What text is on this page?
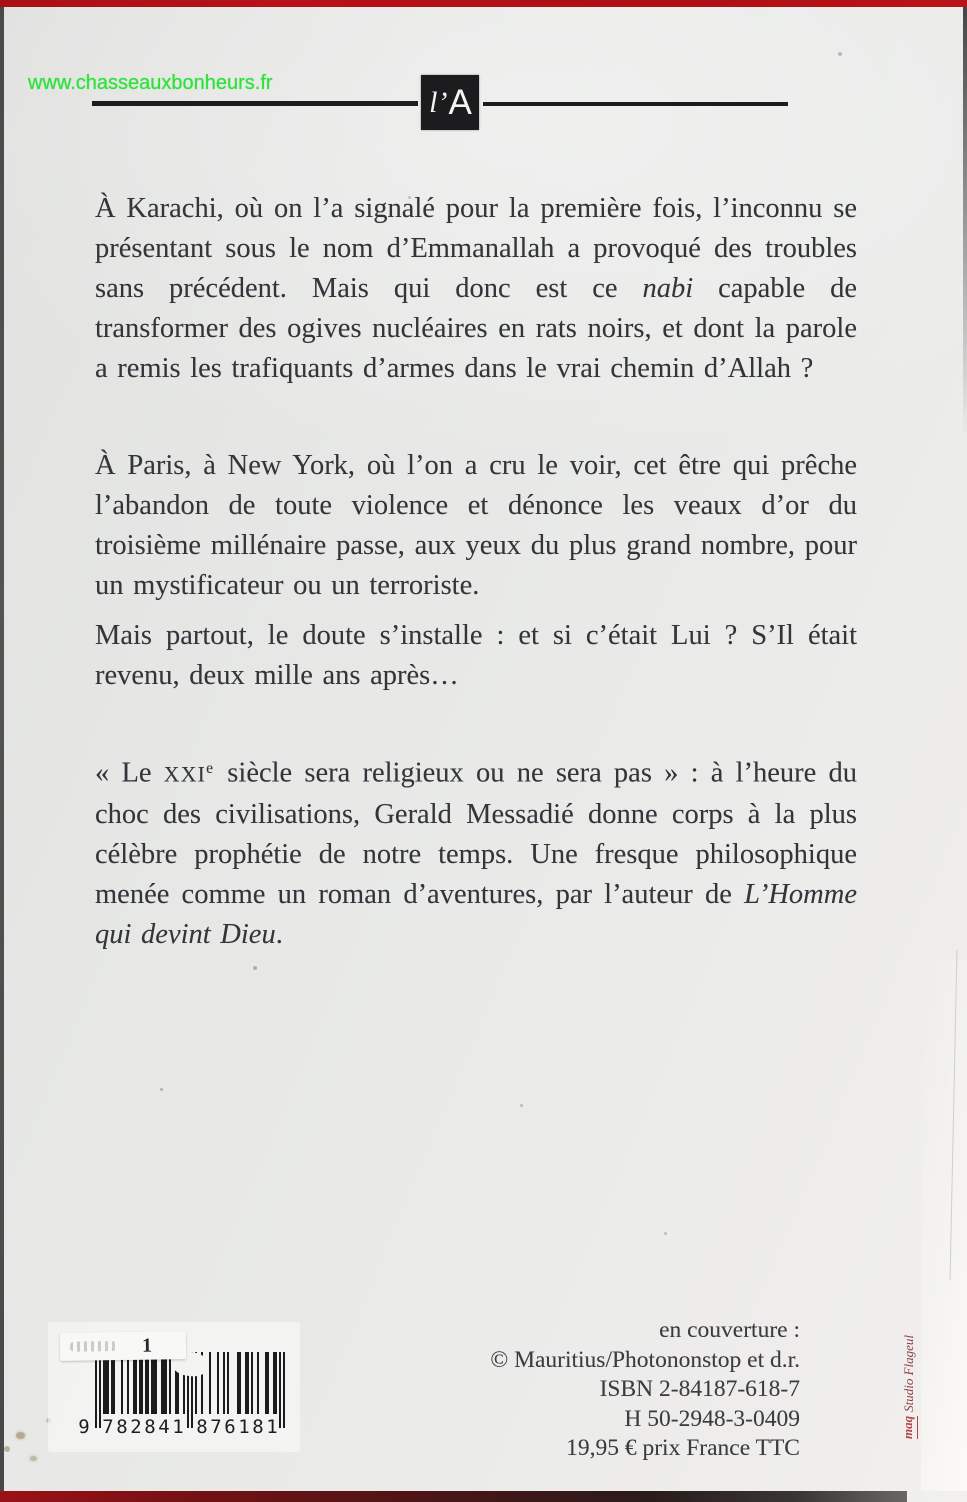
www.chasseauxbonheurs.fr
l’ A

À Karachi, où on l’a signalé pour la première fois, l’inconnu se présentant sous le nom d’Emmanallah a provoqué des troubles sans précédent. Mais qui donc est ce nabi capable de transformer des ogives nucléaires en rats noirs, et dont la parole a remis les trafiquants d’armes dans le vrai chemin d’Allah ?

À Paris, à New York, où l’on a cru le voir, cet être qui prêche l’abandon de toute violence et dénonce les veaux d’or du troisième millénaire passe, aux yeux du plus grand nombre, pour un mystificateur ou un terroriste.

Mais partout, le doute s’installe : et si c’était Lui ? S’Il était revenu, deux mille ans après…

« Le XXIe siècle sera religieux ou ne sera pas » : à l’heure du choc des civilisations, Gerald Messadié donne corps à la plus célèbre prophétie de notre temps. Une fresque philosophique menée comme un roman d’aventures, par l’auteur de L’Homme qui devint Dieu.

9 7 8 2 8 4 1 8 7 6 1 8 1
1
en couverture :
© Mauritius/Photononstop et d.r.
ISBN 2-84187-618-7
H 50-2948-3-0409
19,95 € prix France TTC
maq
Studio Flageul
